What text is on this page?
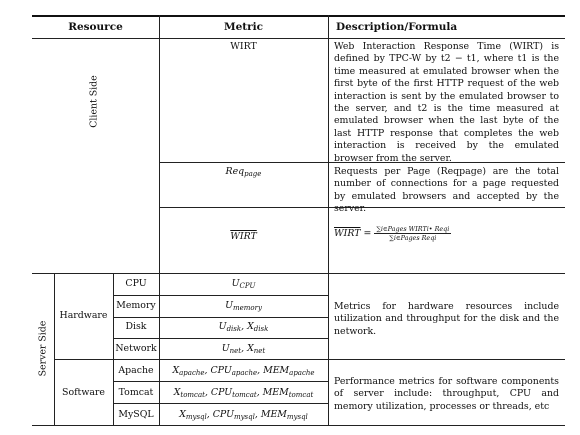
Resource	Metric	Description/Formula
Client Side
WIRT	Web Interaction Response Time (WIRT) is defined by TPC-W by t2 − t1, where t1 is the time measured at emulated browser when the first byte of the first HTTP request of the web interaction is sent by the emulated browser to the server, and t2 is the time measured at emulated browser when the last byte of the last HTTP response that completes the web interaction is received by the emulated browser from the server.
Req$_{page}$	Requests per Page (Reqpage) are the total number of connections for a page requested by emulated browsers and accepted by the server.
WIRT	WIRT = $\frac{\text{∑i∈Pages WIRTi• Reqi}}{\text{∑i∈Pages Reqi}}$
Server Side
Hardware
CPU	$U_{CPU}$
Memory	$U_{memory}$
Disk	$U_{disk}$, $X_{disk}$
Network	$U_{net}$, $X_{net}$
Metrics for hardware resources include utilization and throughput for the disk and the network.
Software
Apache	$X_{apache}$, $CPU_{apache}$, $MEM_{apache}$
Tomcat	$X_{tomcat}$, $CPU_{tomcat}$, $MEM_{tomcat}$
MySQL	$X_{mysql}$, $CPU_{mysql}$, $MEM_{mysql}$
Performance metrics for software components of server include: throughput, CPU and memory utilization, processes or threads, etc
